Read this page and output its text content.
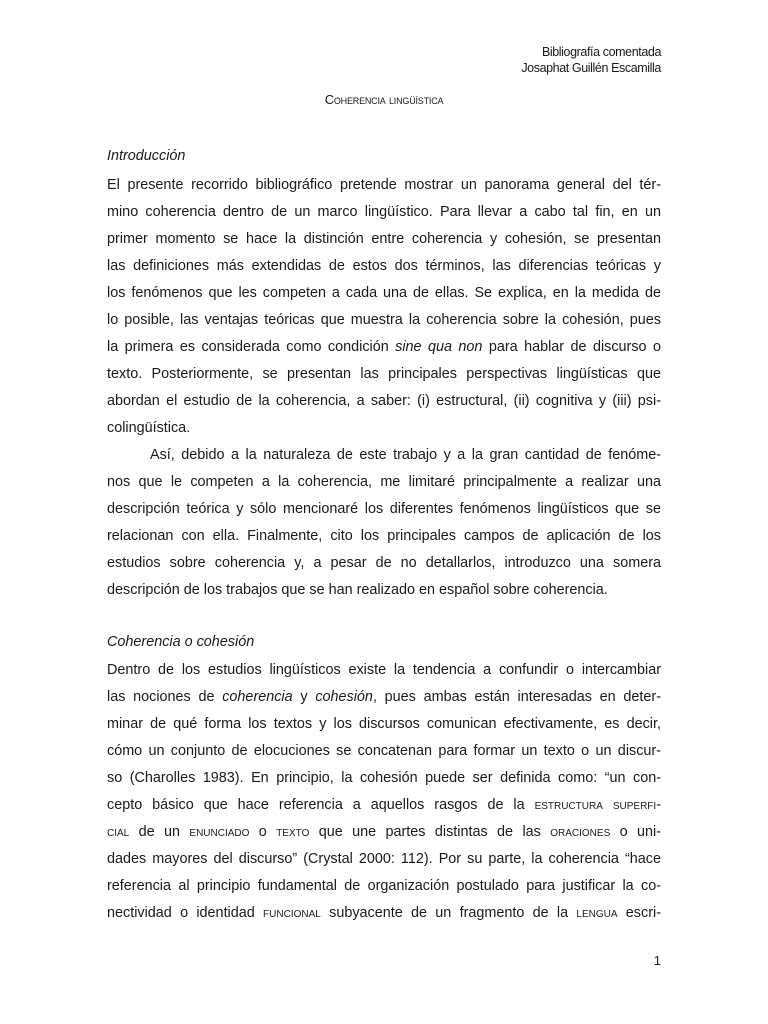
Bibliografía comentada
Josaphat Guillén Escamilla
Coherencia lingüística
Introducción
El presente recorrido bibliográfico pretende mostrar un panorama general del tér-
mino coherencia dentro de un marco lingüístico. Para llevar a cabo tal fin, en un
primer momento se hace la distinción entre coherencia y cohesión, se presentan
las definiciones más extendidas de estos dos términos, las diferencias teóricas y
los fenómenos que les competen a cada una de ellas. Se explica, en la medida de
lo posible, las ventajas teóricas que muestra la coherencia sobre la cohesión, pues
la primera es considerada como condición sine qua non para hablar de discurso o
texto. Posteriormente, se presentan las principales perspectivas lingüísticas que
abordan el estudio de la coherencia, a saber: (i) estructural, (ii) cognitiva y (iii) psi-
colingüística.
Así, debido a la naturaleza de este trabajo y a la gran cantidad de fenóme-
nos que le competen a la coherencia, me limitaré principalmente a realizar una
descripción teórica y sólo mencionaré los diferentes fenómenos lingüísticos que se
relacionan con ella. Finalmente, cito los principales campos de aplicación de los
estudios sobre coherencia y, a pesar de no detallarlos, introduzco una somera
descripción de los trabajos que se han realizado en español sobre coherencia.
Coherencia o cohesión
Dentro de los estudios lingüísticos existe la tendencia a confundir o intercambiar
las nociones de coherencia y cohesión, pues ambas están interesadas en deter-
minar de qué forma los textos y los discursos comunican efectivamente, es decir,
cómo un conjunto de elocuciones se concatenan para formar un texto o un discur-
so (Charolles 1983). En principio, la cohesión puede ser definida como: “un con-
cepto básico que hace referencia a aquellos rasgos de la estructura superfi-
cial de un enunciado o texto que une partes distintas de las oraciones o uni-
dades mayores del discurso” (Crystal 2000: 112). Por su parte, la coherencia “hace
referencia al principio fundamental de organización postulado para justificar la co-
nectividad o identidad funcional subyacente de un fragmento de la lengua escri-
1
